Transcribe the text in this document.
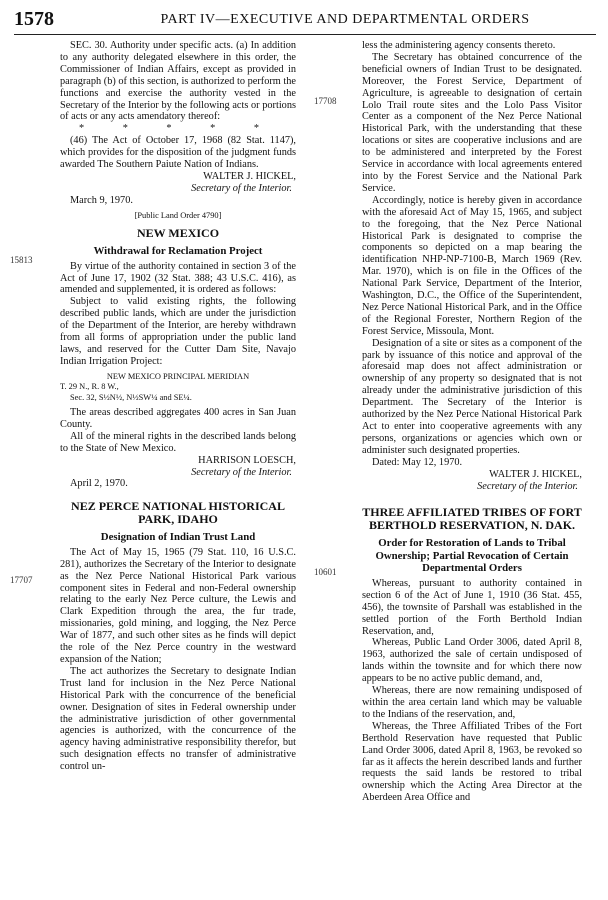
1578	PART IV—EXECUTIVE AND DEPARTMENTAL ORDERS
15813
17707
17708
10601

SEC. 30. Authority under specific acts. (a) In addition to any authority delegated elsewhere in this order, the Commissioner of Indian Affairs, except as provided in paragraph (b) of this section, is authorized to perform the functions and exercise the authority vested in the Secretary of the Interior by the following acts or portions of acts or any acts amendatory thereof:

* * * * *

(46) The Act of October 17, 1968 (82 Stat. 1147), which provides for the disposition of the judgment funds awarded The Southern Paiute Nation of Indians.

WALTER J. HICKEL,

Secretary of the Interior.

March 9, 1970.

[Public Land Order 4790]

NEW MEXICO

Withdrawal for Reclamation Project

By virtue of the authority contained in section 3 of the Act of June 17, 1902 (32 Stat. 388; 43 U.S.C. 416), as amended and supplemented, it is ordered as follows:

Subject to valid existing rights, the following described public lands, which are under the jurisdiction of the Department of the Interior, are hereby withdrawn from all forms of appropriation under the public land laws, and reserved for the Cutter Dam Site, Navajo Indian Irrigation Project:

NEW MEXICO PRINCIPAL MERIDIAN

T. 29 N., R. 8 W.,

Sec. 32, S½N½, N½SW¼ and SE¼.

The areas described aggregates 400 acres in San Juan County.

All of the mineral rights in the described lands belong to the State of New Mexico.

HARRISON LOESCH,

Secretary of the Interior.

April 2, 1970.

NEZ PERCE NATIONAL HISTORICAL PARK, IDAHO

Designation of Indian Trust Land

The Act of May 15, 1965 (79 Stat. 110, 16 U.S.C. 281), authorizes the Secretary of the Interior to designate as the Nez Perce National Historical Park various component sites in Federal and non-Federal ownership relating to the early Nez Perce culture, the Lewis and Clark Expedition through the area, the fur trade, missionaries, gold mining, and logging, the Nez Perce War of 1877, and such other sites as he finds will depict the role of the Nez Perce country in the westward expansion of the Nation;

The act authorizes the Secretary to designate Indian Trust land for inclusion in the Nez Perce National Historical Park with the concurrence of the beneficial owner. Designation of sites in Federal ownership under the administrative jurisdiction of other governmental agencies is authorized, with the concurrence of the agency having administrative responsibility therefor, but such designation effects no transfer of administrative control un-

less the administering agency consents thereto.

The Secretary has obtained concurrence of the beneficial owners of Indian Trust to be designated. Moreover, the Forest Service, Department of Agriculture, is agreeable to designation of certain Lolo Trail route sites and the Lolo Pass Visitor Center as a component of the Nez Perce National Historical Park, with the understanding that these locations or sites are cooperative inclusions and are to be administered and interpreted by the Forest Service in accordance with local agreements entered into by the Forest Service and the National Park Service.

Accordingly, notice is hereby given in accordance with the aforesaid Act of May 15, 1965, and subject to the foregoing, that the Nez Perce National Historical Park is designated to comprise the components so depicted on a map bearing the identification NHP-NP-7100-B, March 1969 (Rev. Mar. 1970), which is on file in the Offices of the National Park Service, Department of the Interior, Washington, D.C., the Office of the Superintendent, Nez Perce National Historical Park, and in the Office of the Regional Forester, Northern Region of the Forest Service, Missoula, Mont.

Designation of a site or sites as a component of the park by issuance of this notice and approval of the aforesaid map does not affect administration or ownership of any property so designated that is not already under the administrative jurisdiction of this Department. The Secretary of the Interior is authorized by the Nez Perce National Historical Park Act to enter into cooperative agreements with any persons, organizations or agencies which own or administer such designated properties.

Dated: May 12, 1970.

WALTER J. HICKEL,

Secretary of the Interior.

THREE AFFILIATED TRIBES OF FORT BERTHOLD RESERVATION, N. DAK.

Order for Restoration of Lands to Tribal Ownership; Partial Revocation of Certain Departmental Orders

Whereas, pursuant to authority contained in section 6 of the Act of June 1, 1910 (36 Stat. 455, 456), the townsite of Parshall was established in the settled portion of the Forth Berthold Indian Reservation, and,

Whereas, Public Land Order 3006, dated April 8, 1963, authorized the sale of certain undisposed of lands within the townsite and for which there now appears to be no active public demand, and,

Whereas, there are now remaining undisposed of within the area certain land which may be valuable to the Indians of the reservation, and,

Whereas, the Three Affiliated Tribes of the Fort Berthold Reservation have requested that Public Land Order 3006, dated April 8, 1963, be revoked so far as it affects the herein described lands and further requests the said lands be restored to tribal ownership which the Acting Area Director at the Aberdeen Area Office and
